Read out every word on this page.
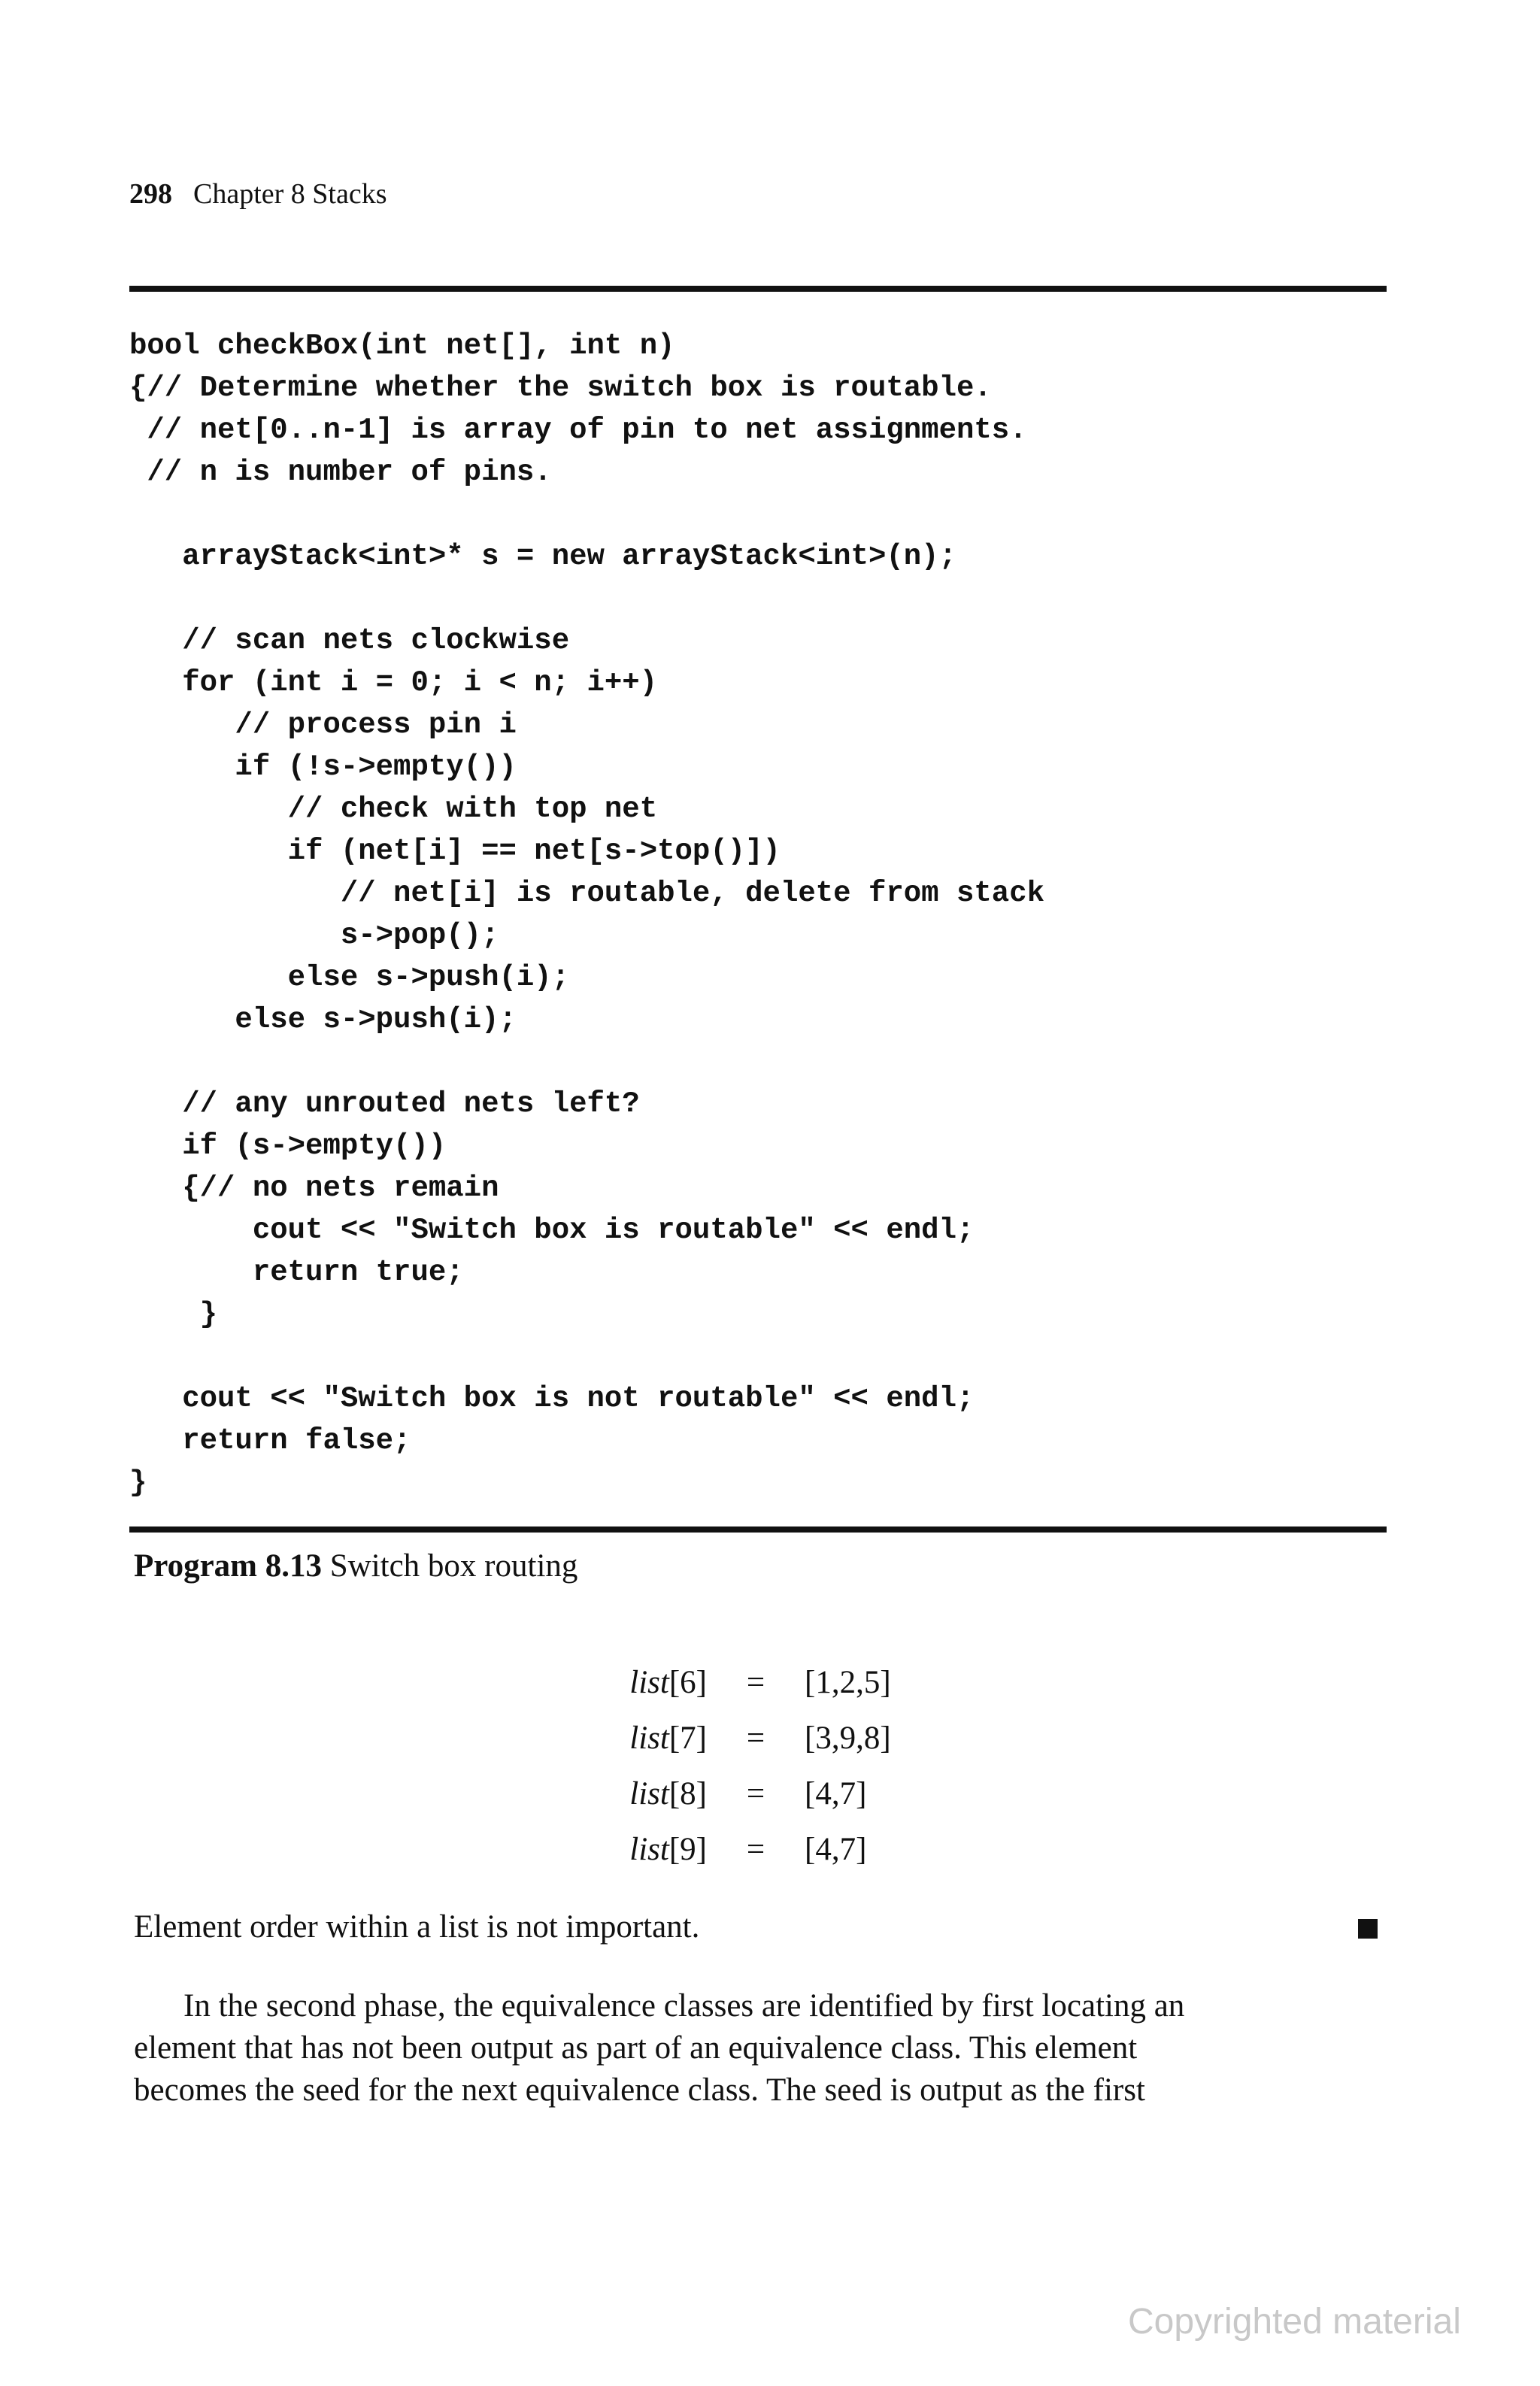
298 Chapter 8 Stacks
bool checkBox(int net[], int n)
{// Determine whether the switch box is routable.
// net[0..n-1] is array of pin to net assignments.
// n is number of pins.

arrayStack<int>* s = new arrayStack<int>(n);

// scan nets clockwise
for (int i = 0; i < n; i++)
// process pin i
if (!s->empty())
// check with top net
if (net[i] == net[s->top()])
// net[i] is routable, delete from stack
s->pop();
else s->push(i);
else s->push(i);

// any unrouted nets left?
if (s->empty())
{// no nets remain
cout << "Switch box is routable" << endl;
return true;
}

cout << "Switch box is not routable" << endl;
return false;
}
Program 8.13 Switch box routing
list[6]	=	[1,2,5]
list[7]	=	[3,9,8]
list[8]	=	[4,7]
list[9]	=	[4,7]
Element order within a list is not important.
In the second phase, the equivalence classes are identified by first locating an
element that has not been output as part of an equivalence class. This element
becomes the seed for the next equivalence class. The seed is output as the first
Copyrighted material
